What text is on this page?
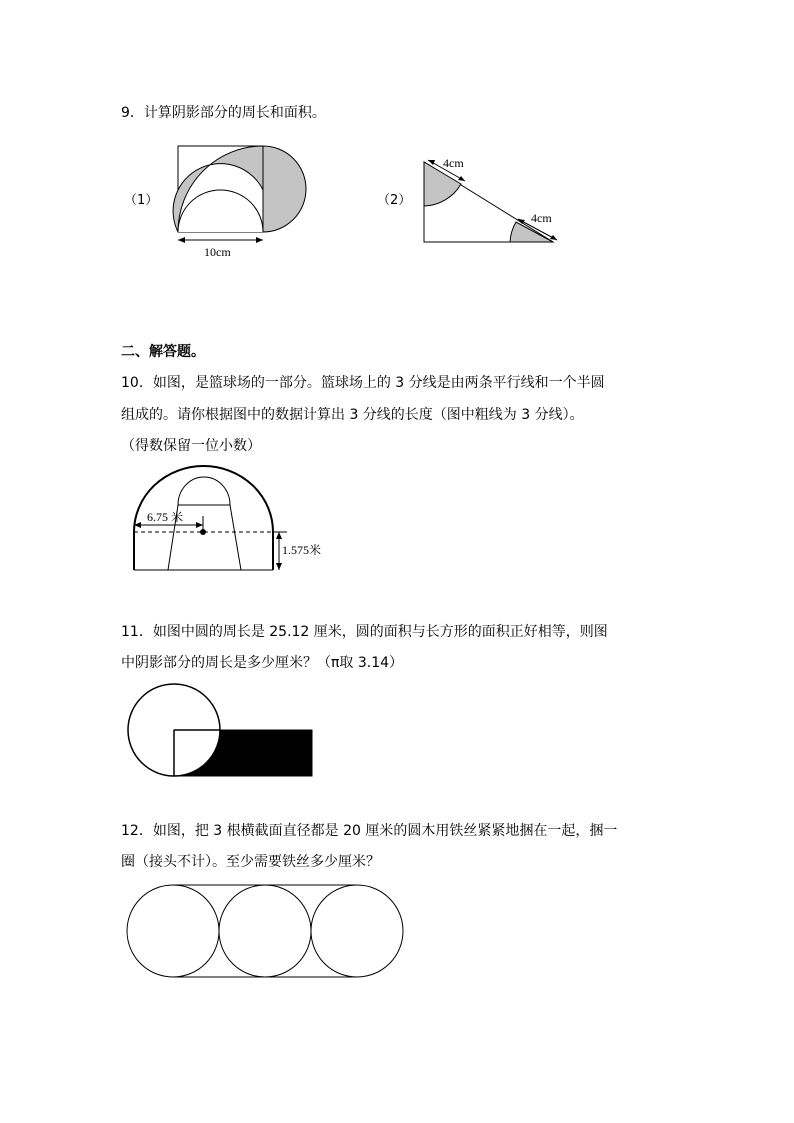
9．计算阴影部分的周长和面积。
（1）
10cm
（2）
4cm
4cm
二、解答题。
10．如图，是篮球场的一部分。篮球场上的 3 分线是由两条平行线和一个半圆
组成的。请你根据图中的数据计算出 3 分线的长度（图中粗线为 3 分线）。
（得数保留一位小数）
6.75 米
1.575米
11．如图中圆的周长是 25.12 厘米，圆的面积与长方形的面积正好相等，则图
中阴影部分的周长是多少厘米？（π取 3.14）
12．如图，把 3 根横截面直径都是 20 厘米的圆木用铁丝紧紧地捆在一起，捆一
圈（接头不计）。至少需要铁丝多少厘米？
